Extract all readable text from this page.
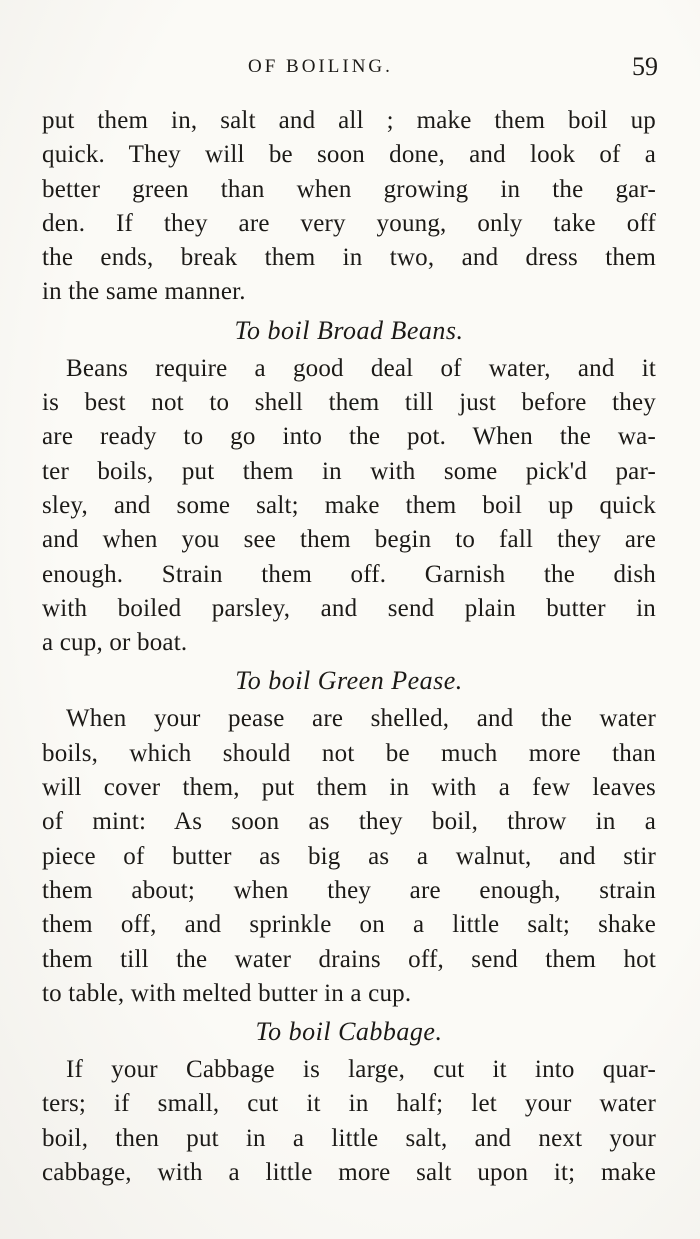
OF BOILING.	59
put them in, salt and all ; make them boil up
quick. They will be soon done, and look of a
better green than when growing in the gar-
den. If they are very young, only take off
the ends, break them in two, and dress them
in the same manner.
To boil Broad Beans.
Beans require a good deal of water, and it
is best not to shell them till just before they
are ready to go into the pot. When the wa-
ter boils, put them in with some pick'd par-
sley, and some salt; make them boil up quick
and when you see them begin to fall they are
enough. Strain them off. Garnish the dish
with boiled parsley, and send plain butter in
a cup, or boat.
To boil Green Pease.
When your pease are shelled, and the water
boils, which should not be much more than
will cover them, put them in with a few leaves
of mint: As soon as they boil, throw in a
piece of butter as big as a walnut, and stir
them about; when they are enough, strain
them off, and sprinkle on a little salt; shake
them till the water drains off, send them hot
to table, with melted butter in a cup.
To boil Cabbage.
If your Cabbage is large, cut it into quar-
ters; if small, cut it in half; let your water
boil, then put in a little salt, and next your
cabbage, with a little more salt upon it; make
